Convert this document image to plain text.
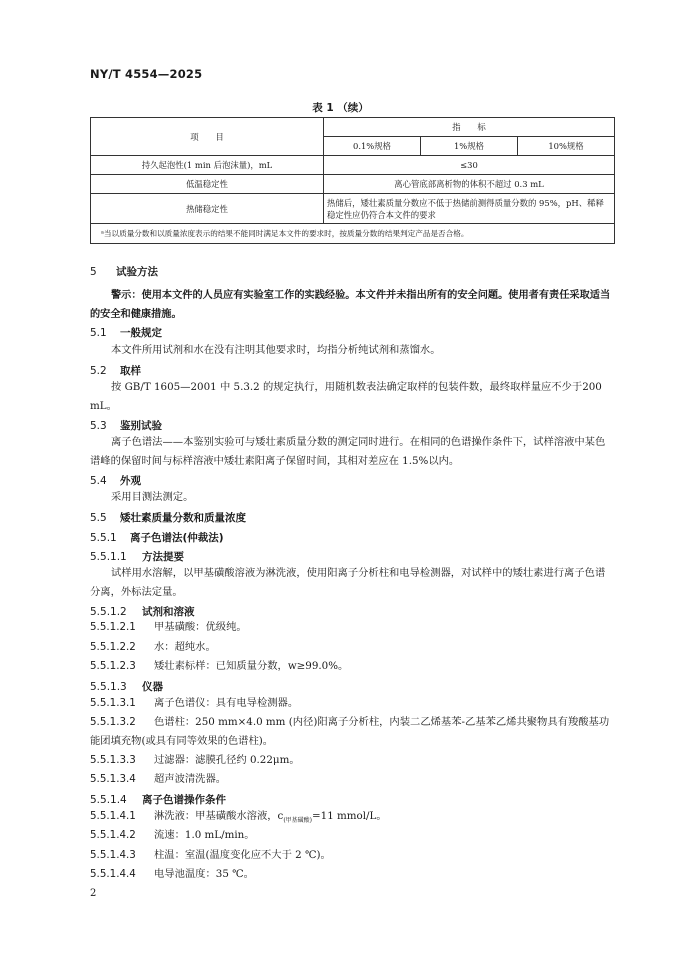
NY/T 4554—2025
表 1 （续）
项　　目	指　　标		
	0.1%规格	1%规格	10%规格
持久起泡性(1 min 后泡沫量)，mL	≤30		
低温稳定性	离心管底部离析物的体积不超过 0.3 mL		
热储稳定性	热储后，矮壮素质量分数应不低于热储前测得质量分数的 95%，pH、稀释稳定性应仍符合本文件的要求		
ᵃ当以质量分数和以质量浓度表示的结果不能同时满足本文件的要求时，按质量分数的结果判定产品是否合格。			
5 试验方法
警示：使用本文件的人员应有实验室工作的实践经验。本文件并未指出所有的安全问题。使用者有责任采取适当的安全和健康措施。
5.1 一般规定
本文件所用试剂和水在没有注明其他要求时，均指分析纯试剂和蒸馏水。
5.2 取样
按 GB/T 1605—2001 中 5.3.2 的规定执行，用随机数表法确定取样的包装件数，最终取样量应不少于200 mL。
5.3 鉴别试验
离子色谱法——本鉴别实验可与矮壮素质量分数的测定同时进行。在相同的色谱操作条件下，试样溶液中某色谱峰的保留时间与标样溶液中矮壮素阳离子保留时间，其相对差应在 1.5%以内。
5.4 外观
采用目测法测定。
5.5 矮壮素质量分数和质量浓度
5.5.1 离子色谱法(仲裁法)
5.5.1.1 方法提要
试样用水溶解，以甲基磺酸溶液为淋洗液，使用阳离子分析柱和电导检测器，对试样中的矮壮素进行离子色谱分离，外标法定量。
5.5.1.2 试剂和溶液
5.5.1.2.1 甲基磺酸：优级纯。
5.5.1.2.2 水：超纯水。
5.5.1.2.3 矮壮素标样：已知质量分数，w≥99.0%。
5.5.1.3 仪器
5.5.1.3.1 离子色谱仪：具有电导检测器。
5.5.1.3.2 色谱柱：250 mm×4.0 mm (内径)阳离子分析柱，内装二乙烯基苯-乙基苯乙烯共聚物具有羧酸基功能团填充物(或具有同等效果的色谱柱)。
5.5.1.3.3 过滤器：滤膜孔径约 0.22μm。
5.5.1.3.4 超声波清洗器。
5.5.1.4 离子色谱操作条件
5.5.1.4.1 淋洗液：甲基磺酸水溶液，$c_{(甲基磺酸)}=11$ mmol/L。
5.5.1.4.2 流速：1.0 mL/min。
5.5.1.4.3 柱温：室温(温度变化应不大于 2 ℃)。
5.5.1.4.4 电导池温度：35 ℃。
2
